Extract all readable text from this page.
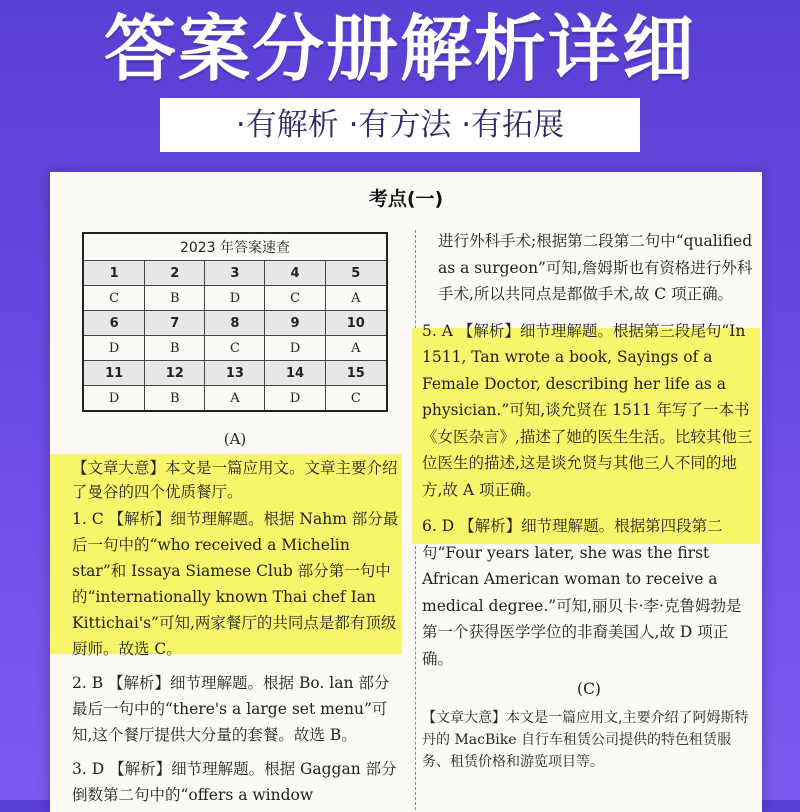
答案分册解析详细
·有解析 ·有方法 ·有拓展
考点(一)
2023 年答案速查				
1	2	3	4	5
C	B	D	C	A
6	7	8	9	10
D	B	C	D	A
11	12	13	14	15
D	B	A	D	C
(A)

【文章大意】本文是一篇应用文。文章主要介绍了曼谷的四个优质餐厅。

1. C 【解析】细节理解题。根据 Nahm 部分最后一句中的“who received a Michelin star”和 Issaya Siamese Club 部分第一句中的“internationally known Thai chef Ian Kittichai's”可知,两家餐厅的共同点是都有顶级厨师。故选 C。

2. B 【解析】细节理解题。根据 Bo. lan 部分最后一句中的“there's a large set menu”可知,这个餐厅提供大分量的套餐。故选 B。

3. D 【解析】细节理解题。根据 Gaggan 部分倒数第二句中的“offers a window

进行外科手术;根据第二段第二句中“qualified as a surgeon”可知,詹姆斯也有资格进行外科手术,所以共同点是都做手术,故 C 项正确。

5. A 【解析】细节理解题。根据第三段尾句“In 1511, Tan wrote a book, Sayings of a Female Doctor, describing her life as a physician.”可知,谈允贤在 1511 年写了一本书《女医杂言》,描述了她的医生生活。比较其他三位医生的描述,这是谈允贤与其他三人不同的地方,故 A 项正确。

6. D 【解析】细节理解题。根据第四段第二句“Four years later, she was the first African American woman to receive a medical degree.”可知,丽贝卡·李·克鲁姆勃是第一个获得医学学位的非裔美国人,故 D 项正确。

(C)

【文章大意】本文是一篇应用文,主要介绍了阿姆斯特丹的 MacBike 自行车租赁公司提供的特色租赁服务、租赁价格和游览项目等。
